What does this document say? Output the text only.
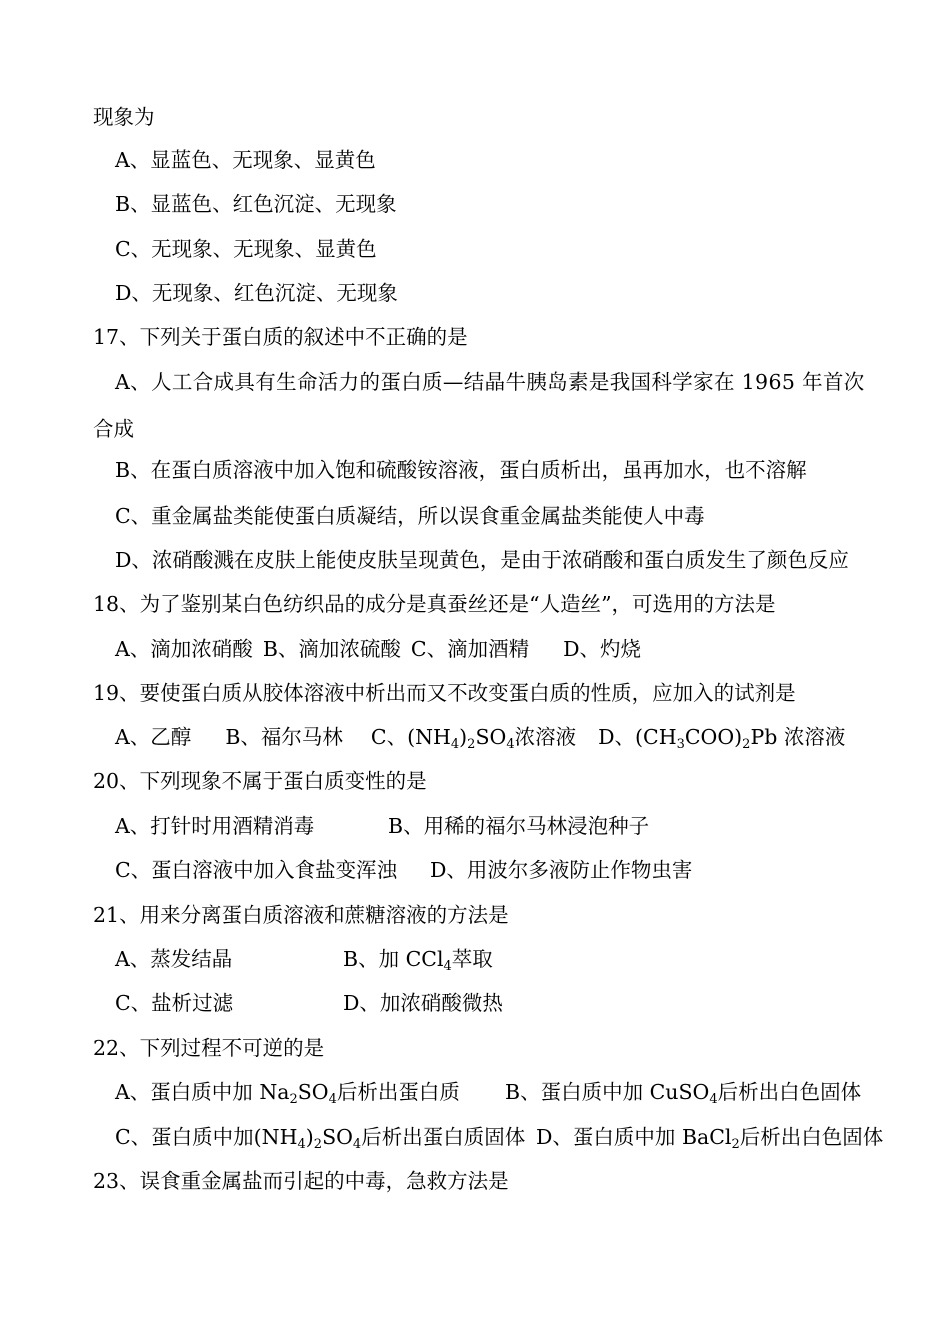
现象为
A、显蓝色、无现象、显黄色
B、显蓝色、红色沉淀、无现象
C、无现象、无现象、显黄色
D、无现象、红色沉淀、无现象
17、下列关于蛋白质的叙述中不正确的是
A、人工合成具有生命活力的蛋白质—结晶牛胰岛素是我国科学家在 1965 年首次
合成
B、在蛋白质溶液中加入饱和硫酸铵溶液，蛋白质析出，虽再加水，也不溶解
C、重金属盐类能使蛋白质凝结，所以误食重金属盐类能使人中毒
D、浓硝酸溅在皮肤上能使皮肤呈现黄色，是由于浓硝酸和蛋白质发生了颜色反应
18、为了鉴别某白色纺织品的成分是真蚕丝还是“人造丝”，可选用的方法是
A、滴加浓硝酸 B、滴加浓硫酸 C、滴加酒精 D、灼烧
19、要使蛋白质从胶体溶液中析出而又不改变蛋白质的性质，应加入的试剂是
A、乙醇 B、福尔马林 C、$(NH_4)_2SO_4$浓溶液 D、$(CH_3COO)_2Pb$ 浓溶液
20、下列现象不属于蛋白质变性的是
A、打针时用酒精消毒	B、用稀的福尔马林浸泡种子
C、蛋白溶液中加入食盐变浑浊 D、用波尔多液防止作物虫害
21、用来分离蛋白质溶液和蔗糖溶液的方法是
A、蒸发结晶	B、加 CCl$_4$萃取
C、盐析过滤	D、加浓硝酸微热
22、下列过程不可逆的是
A、蛋白质中加 $Na_2SO_4$后析出蛋白质 B、蛋白质中加 CuSO$_4$后析出白色固体
C、蛋白质中加$(NH_4)_2SO_4$后析出蛋白质固体 D、蛋白质中加 BaCl$_2$后析出白色固体
23、误食重金属盐而引起的中毒，急救方法是
